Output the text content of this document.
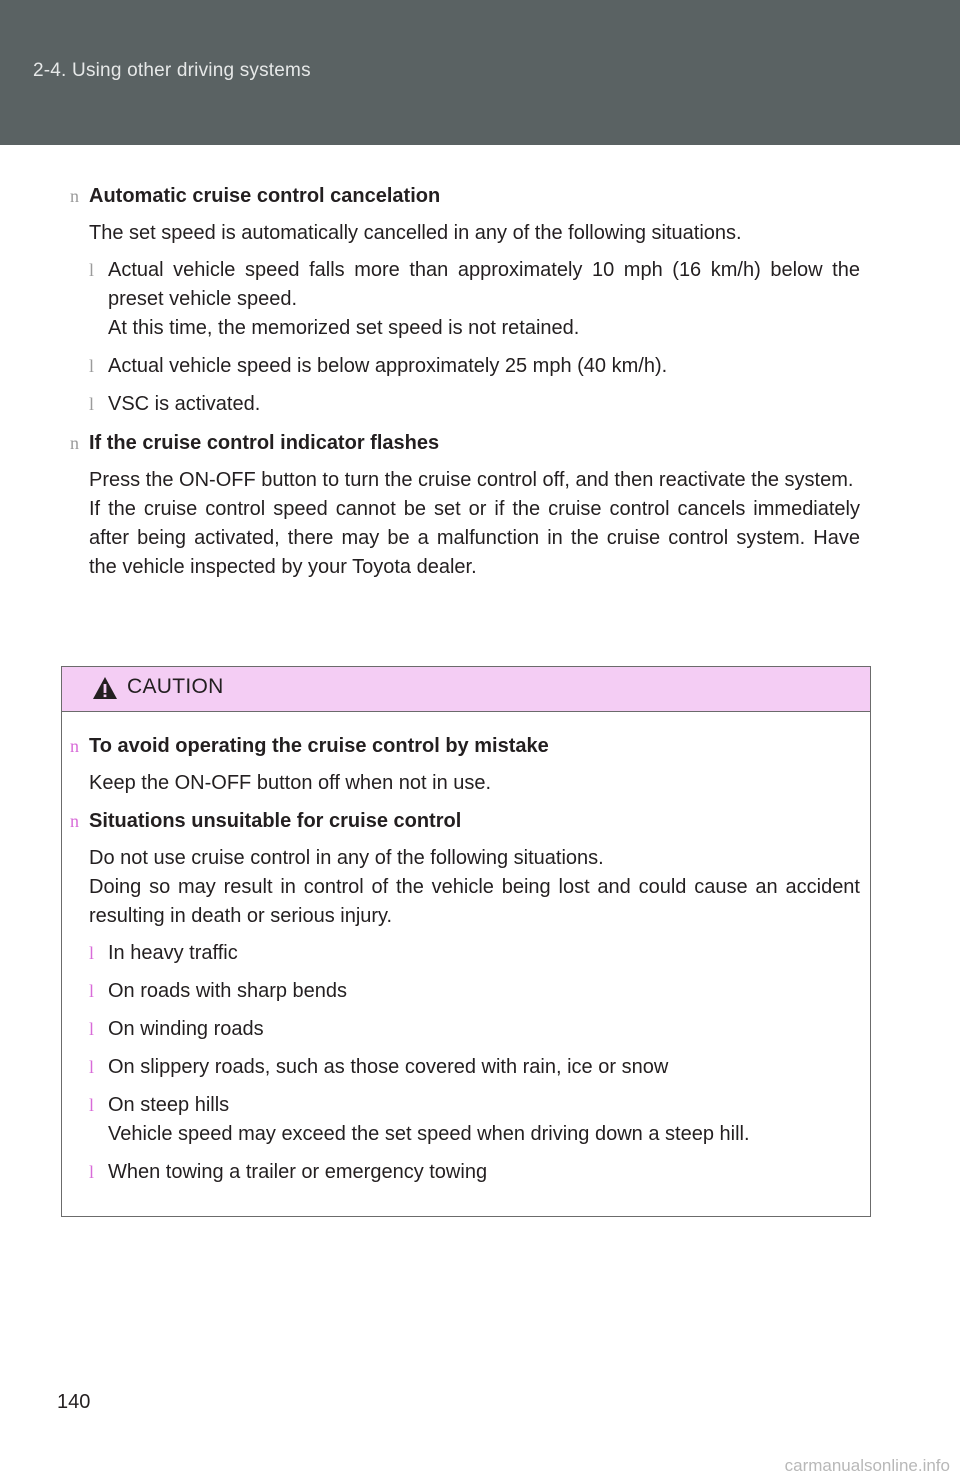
2-4. Using other driving systems
n Automatic cruise control cancelation
The set speed is automatically cancelled in any of the following situations.
l Actual vehicle speed falls more than approximately 10 mph (16 km/h) below the preset vehicle speed.
At this time, the memorized set speed is not retained.
l Actual vehicle speed is below approximately 25 mph (40 km/h).
l VSC is activated.
n If the cruise control indicator flashes
Press the ON-OFF button to turn the cruise control off, and then reactivate the system.
If the cruise control speed cannot be set or if the cruise control cancels immediately after being activated, there may be a malfunction in the cruise control system. Have the vehicle inspected by your Toyota dealer.
CAUTION
n To avoid operating the cruise control by mistake
Keep the ON-OFF button off when not in use.
n Situations unsuitable for cruise control
Do not use cruise control in any of the following situations.
Doing so may result in control of the vehicle being lost and could cause an accident resulting in death or serious injury.
l In heavy traffic
l On roads with sharp bends
l On winding roads
l On slippery roads, such as those covered with rain, ice or snow
l On steep hills
Vehicle speed may exceed the set speed when driving down a steep hill.
l When towing a trailer or emergency towing
140
carmanualsonline.info
